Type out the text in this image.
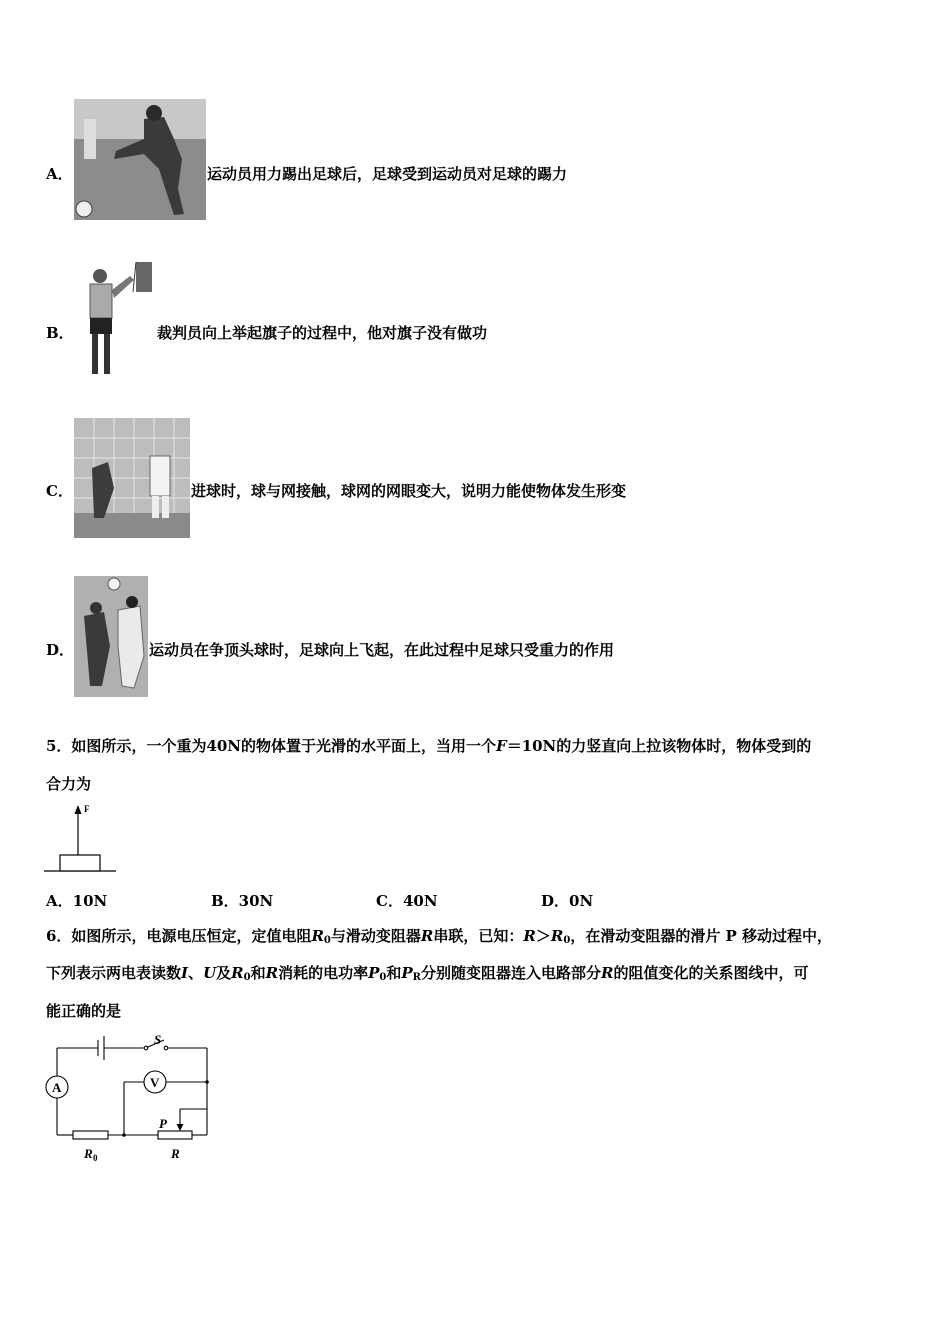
A．	运动员用力踢出足球后，足球受到运动员对足球的踢力
B．	裁判员向上举起旗子的过程中，他对旗子没有做功
C．	进球时，球与网接触，球网的网眼变大，说明力能使物体发生形变
D．	运动员在争顶头球时，足球向上飞起，在此过程中足球只受重力的作用
5．如图所示，一个重为40N的物体置于光滑的水平面上，当用一个F＝10N的力竖直向上拉该物体时，物体受到的
合力为
F
A．10N	B．30N	C．40N	D．0N
6．如图所示，电源电压恒定，定值电阻$R_0$与滑动变阻器R串联，已知：$R>R_0$，在滑动变阻器的滑片 P 移动过程中，
下列表示两电表读数I、U及$R_0$和R消耗的电功率$P_0$和$P_R$分别随变阻器连入电路部分R的阻值变化的关系图线中，可
能正确的是
A	V
S
P
R 0	R
